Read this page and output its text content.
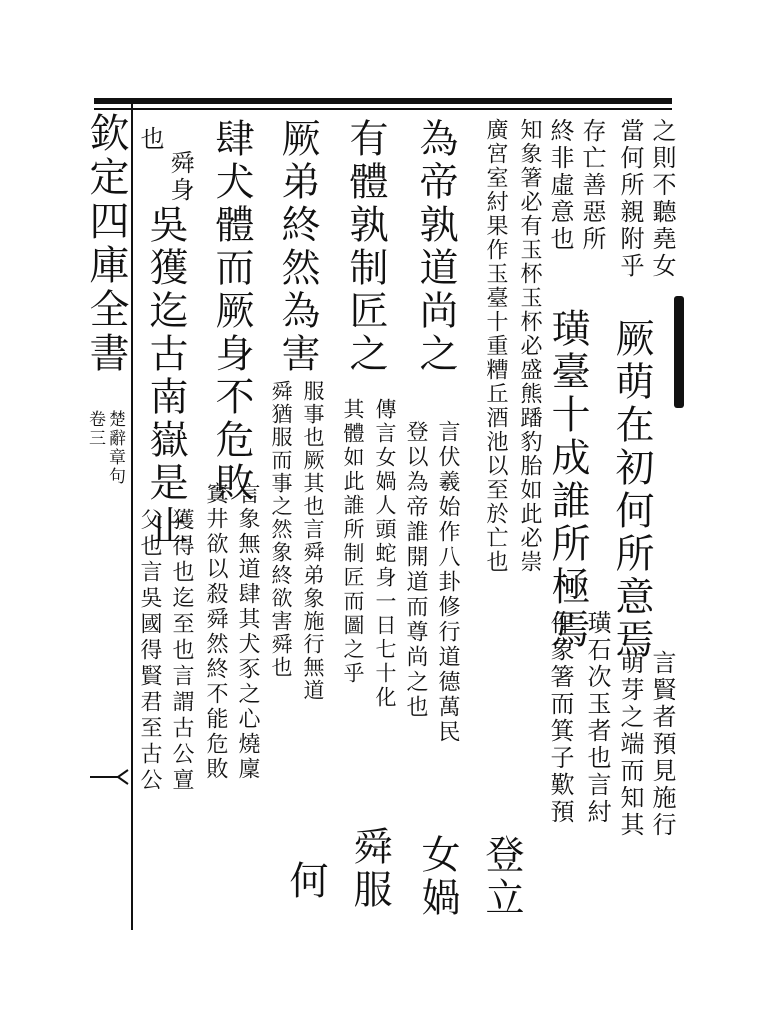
欽定四庫全書
卷三 楚辭章句
之則不聽堯女
當何所親附乎
厥萌在初何所意焉
言賢者預見施行
萌芽之端而知其
存亡善惡所
終非虛意也
璜臺十成誰所極焉
璜石次玉者也言紂
知象箸必有玉杯玉杯必盛熊蹯豹胎如此必崇
作象箸而箕子歎預
廣宮室紂果作玉臺十重糟丘酒池以至於亡也
登立
為帝孰道尚之
言伏羲始作八卦修行道德萬民
登以為帝誰開道而尊尚之也
女媧
有體孰制匠之
傳言女媧人頭蛇身一日七十化
其體如此誰所制匠而圖之乎
舜服
厥弟終然為害
服事也厥其也言舜弟象施行無道
舜猶服而事之然象終欲害舜也
何
肆犬體而厥身不危敗
言象無道肆其犬豕之心燒廩
窴井欲以殺舜然終不能危敗
舜身
吳獲迄古南嶽是止
獲得也迄至也言謂古公亶
也
父也言吳國得賢君至古公
